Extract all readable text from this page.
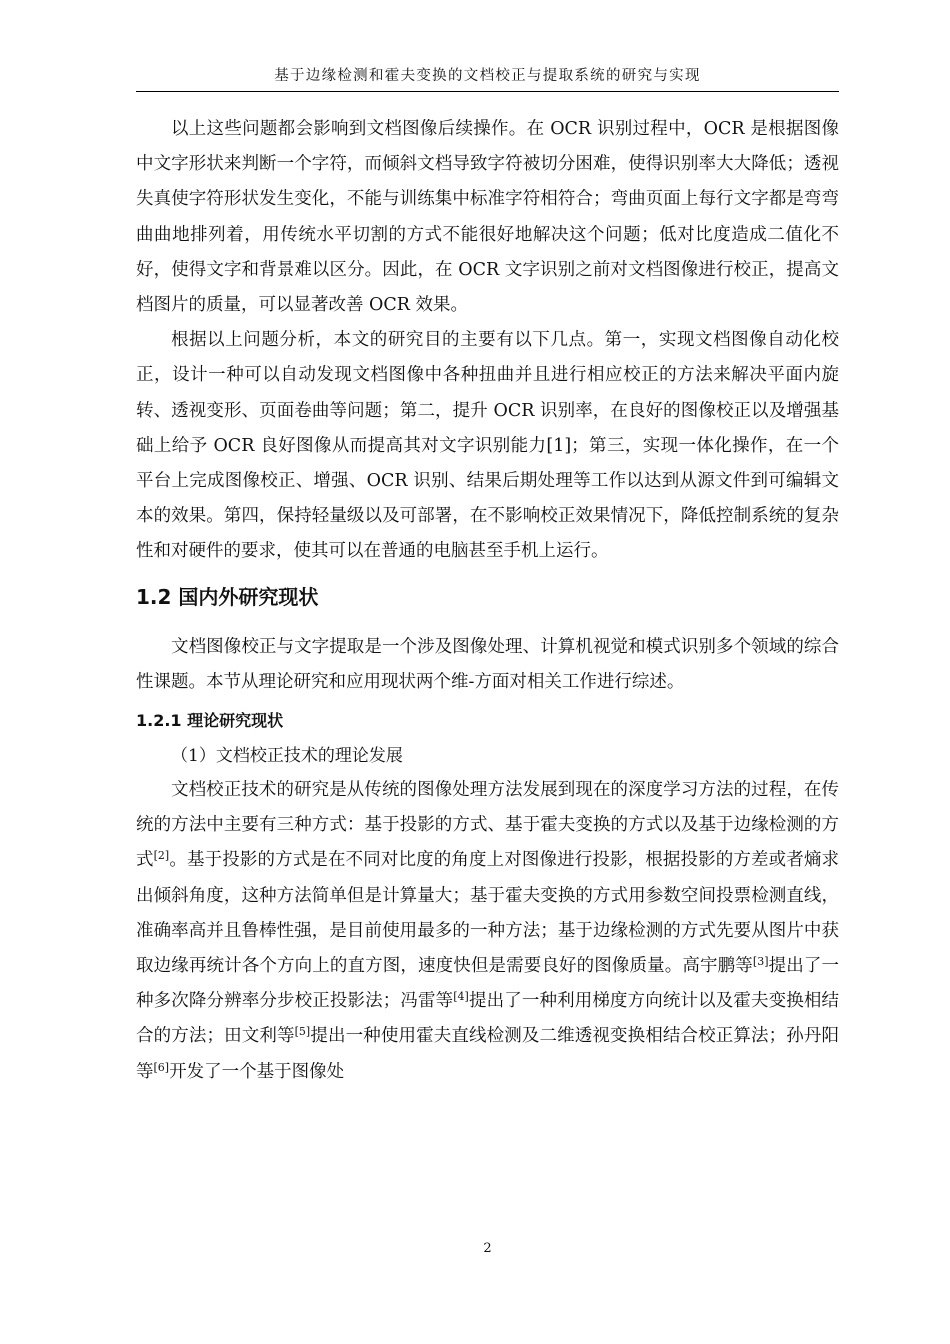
基于边缘检测和霍夫变换的文档校正与提取系统的研究与实现

以上这些问题都会影响到文档图像后续操作。在 OCR 识别过程中，OCR 是根据图像中文字形状来判断一个字符，而倾斜文档导致字符被切分困难，使得识别率大大降低；透视失真使字符形状发生变化，不能与训练集中标准字符相符合；弯曲页面上每行文字都是弯弯曲曲地排列着，用传统水平切割的方式不能很好地解决这个问题；低对比度造成二值化不好，使得文字和背景难以区分。因此，在 OCR 文字识别之前对文档图像进行校正，提高文档图片的质量，可以显著改善 OCR 效果。

根据以上问题分析，本文的研究目的主要有以下几点。第一，实现文档图像自动化校正，设计一种可以自动发现文档图像中各种扭曲并且进行相应校正的方法来解决平面内旋转、透视变形、页面卷曲等问题；第二，提升 OCR 识别率，在良好的图像校正以及增强基础上给予 OCR 良好图像从而提高其对文字识别能力[1]；第三，实现一体化操作，在一个平台上完成图像校正、增强、OCR 识别、结果后期处理等工作以达到从源文件到可编辑文本的效果。第四，保持轻量级以及可部署，在不影响校正效果情况下，降低控制系统的复杂性和对硬件的要求，使其可以在普通的电脑甚至手机上运行。

1.2 国内外研究现状

文档图像校正与文字提取是一个涉及图像处理、计算机视觉和模式识别多个领域的综合性课题。本节从理论研究和应用现状两个维-方面对相关工作进行综述。

1.2.1 理论研究现状

（1）文档校正技术的理论发展

文档校正技术的研究是从传统的图像处理方法发展到现在的深度学习方法的过程，在传统的方法中主要有三种方式：基于投影的方式、基于霍夫变换的方式以及基于边缘检测的方式[2]。基于投影的方式是在不同对比度的角度上对图像进行投影，根据投影的方差或者熵求出倾斜角度，这种方法简单但是计算量大；基于霍夫变换的方式用参数空间投票检测直线，准确率高并且鲁棒性强，是目前使用最多的一种方法；基于边缘检测的方式先要从图片中获取边缘再统计各个方向上的直方图，速度快但是需要良好的图像质量。高宇鹏等[3]提出了一种多次降分辨率分步校正投影法；冯雷等[4]提出了一种利用梯度方向统计以及霍夫变换相结合的方法；田文利等[5]提出一种使用霍夫直线检测及二维透视变换相结合校正算法；孙丹阳等[6]开发了一个基于图像处

2
